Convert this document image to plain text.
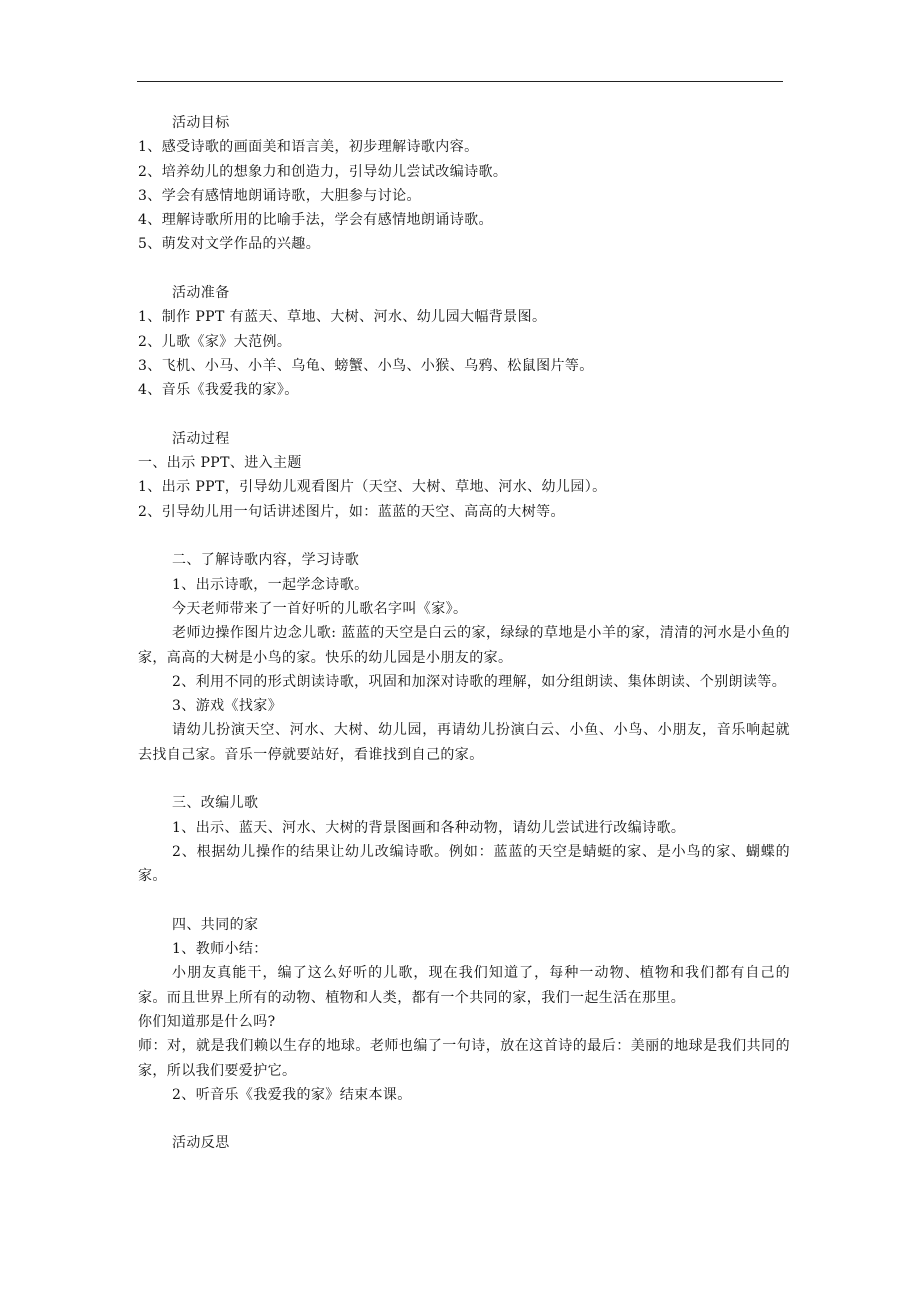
活动目标
1、感受诗歌的画面美和语言美，初步理解诗歌内容。
2、培养幼儿的想象力和创造力，引导幼儿尝试改编诗歌。
3、学会有感情地朗诵诗歌，大胆参与讨论。
4、理解诗歌所用的比喻手法，学会有感情地朗诵诗歌。
5、萌发对文学作品的兴趣。
活动准备
1、制作 PPT 有蓝天、草地、大树、河水、幼儿园大幅背景图。
2、儿歌《家》大范例。
3、飞机、小马、小羊、乌龟、螃蟹、小鸟、小猴、乌鸦、松鼠图片等。
4、音乐《我爱我的家》。
活动过程
一、出示 PPT、进入主题
1、出示 PPT，引导幼儿观看图片（天空、大树、草地、河水、幼儿园）。
2、引导幼儿用一句话讲述图片，如：蓝蓝的天空、高高的大树等。
二、了解诗歌内容，学习诗歌
1、出示诗歌，一起学念诗歌。
今天老师带来了一首好听的儿歌名字叫《家》。
老师边操作图片边念儿歌: 蓝蓝的天空是白云的家，绿绿的草地是小羊的家，清清的河水是小鱼的家，高高的大树是小鸟的家。快乐的幼儿园是小朋友的家。
2、利用不同的形式朗读诗歌，巩固和加深对诗歌的理解，如分组朗读、集体朗读、个别朗读等。
3、游戏《找家》
请幼儿扮演天空、河水、大树、幼儿园，再请幼儿扮演白云、小鱼、小鸟、小朋友，音乐响起就去找自己家。音乐一停就要站好，看谁找到自己的家。
三、改编儿歌
1、出示、蓝天、河水、大树的背景图画和各种动物，请幼儿尝试进行改编诗歌。
2、根据幼儿操作的结果让幼儿改编诗歌。例如：蓝蓝的天空是蜻蜓的家、是小鸟的家、蝴蝶的家。
四、共同的家
1、教师小结：
小朋友真能干，编了这么好听的儿歌，现在我们知道了，每种一动物、植物和我们都有自己的家。而且世界上所有的动物、植物和人类，都有一个共同的家，我们一起生活在那里。
你们知道那是什么吗?
师：对，就是我们赖以生存的地球。老师也编了一句诗，放在这首诗的最后：美丽的地球是我们共同的家，所以我们要爱护它。
2、听音乐《我爱我的家》结束本课。
活动反思
